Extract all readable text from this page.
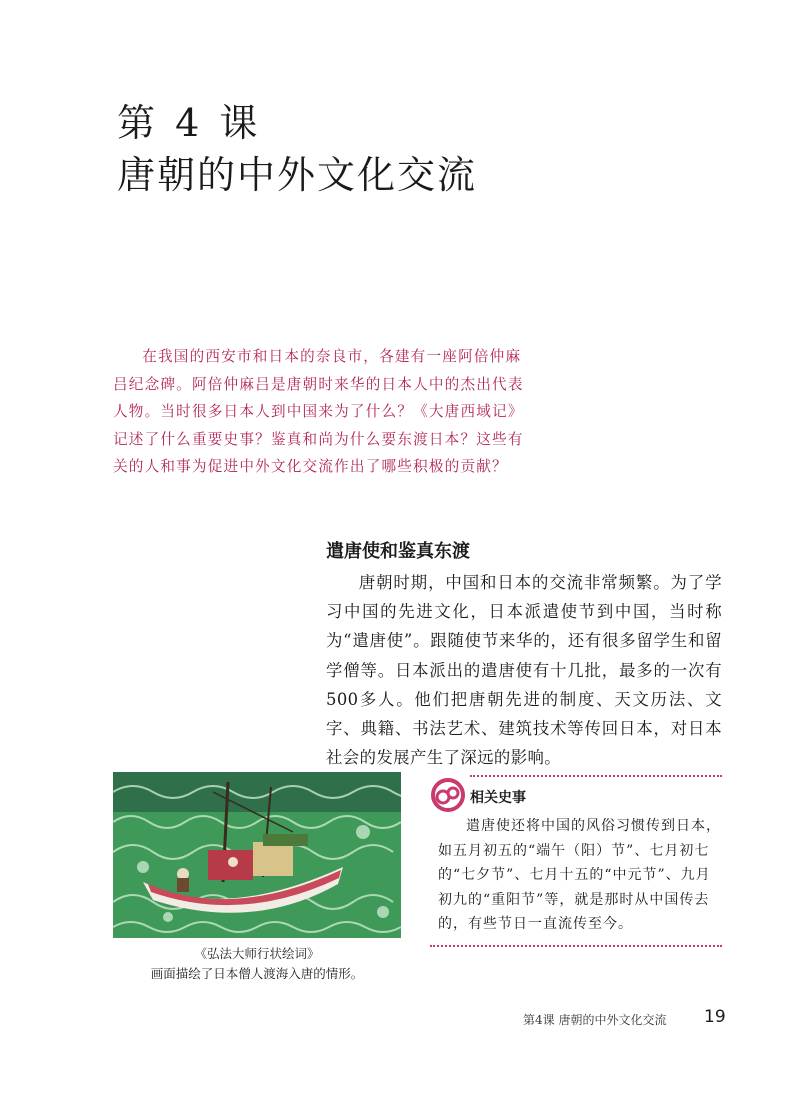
第 4 课
唐朝的中外文化交流

在我国的西安市和日本的奈良市，各建有一座阿倍仲麻吕纪念碑。阿倍仲麻吕是唐朝时来华的日本人中的杰出代表人物。当时很多日本人到中国来为了什么？《大唐西域记》记述了什么重要史事？鉴真和尚为什么要东渡日本？这些有关的人和事为促进中外文化交流作出了哪些积极的贡献？

遣唐使和鉴真东渡

唐朝时期，中国和日本的交流非常频繁。为了学习中国的先进文化，日本派遣使节到中国，当时称为“遣唐使”。跟随使节来华的，还有很多留学生和留学僧等。日本派出的遣唐使有十几批，最多的一次有500多人。他们把唐朝先进的制度、天文历法、文字、典籍、书法艺术、建筑技术等传回日本，对日本社会的发展产生了深远的影响。

《弘法大师行状绘词》
画面描绘了日本僧人渡海入唐的情形。
相关史事

遣唐使还将中国的风俗习惯传到日本，如五月初五的“端午（阳）节”、七月初七的“七夕节”、七月十五的“中元节”、九月初九的“重阳节”等，就是那时从中国传去的，有些节日一直流传至今。

第4课 唐朝的中外文化交流 19
